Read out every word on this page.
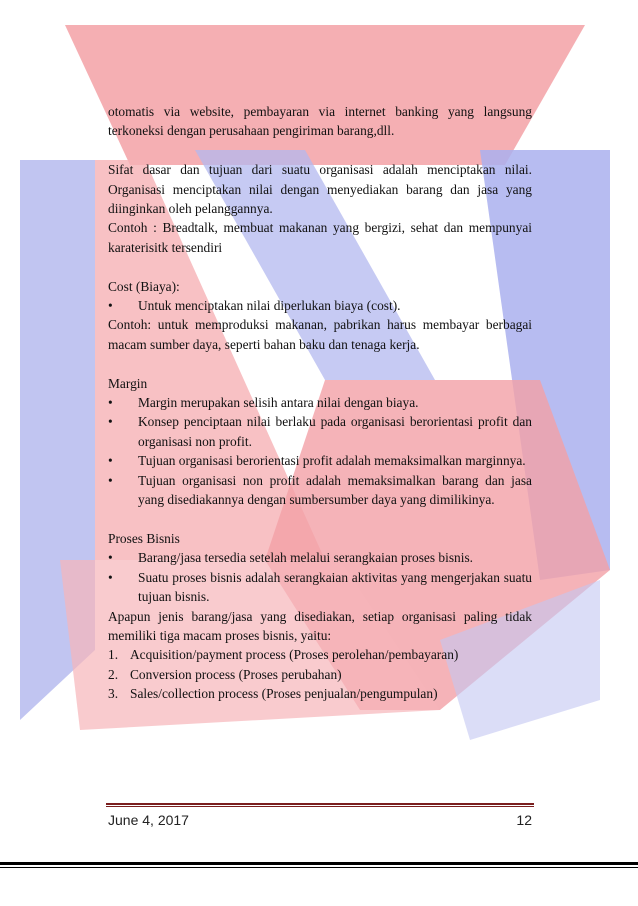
otomatis via website, pembayaran via internet banking yang langsung terkoneksi dengan perusahaan pengiriman barang,dll.

Sifat dasar dan tujuan dari suatu organisasi adalah menciptakan nilai. Organisasi menciptakan nilai dengan menyediakan barang dan jasa yang diinginkan oleh pelanggannya.

Contoh : Breadtalk, membuat makanan yang bergizi, sehat dan mempunyai karaterisitk tersendiri

Cost (Biaya):

• Untuk menciptakan nilai diperlukan biaya (cost).

Contoh: untuk memproduksi makanan, pabrikan harus membayar berbagai macam sumber daya, seperti bahan baku dan tenaga kerja.

Margin

• Margin merupakan selisih antara nilai dengan biaya.
• Konsep penciptaan nilai berlaku pada organisasi berorientasi profit dan organisasi non profit.
• Tujuan organisasi berorientasi profit adalah memaksimalkan marginnya.
• Tujuan organisasi non profit adalah memaksimalkan barang dan jasa yang disediakannya dengan sumbersumber daya yang dimilikinya.

Proses Bisnis

• Barang/jasa tersedia setelah melalui serangkaian proses bisnis.
• Suatu proses bisnis adalah serangkaian aktivitas yang mengerjakan suatu tujuan bisnis.

Apapun jenis barang/jasa yang disediakan, setiap organisasi paling tidak memiliki tiga macam proses bisnis, yaitu:

1. Acquisition/payment process (Proses perolehan/pembayaran)
2. Conversion process (Proses perubahan)
3. Sales/collection process (Proses penjualan/pengumpulan)
June 4, 2017	12
